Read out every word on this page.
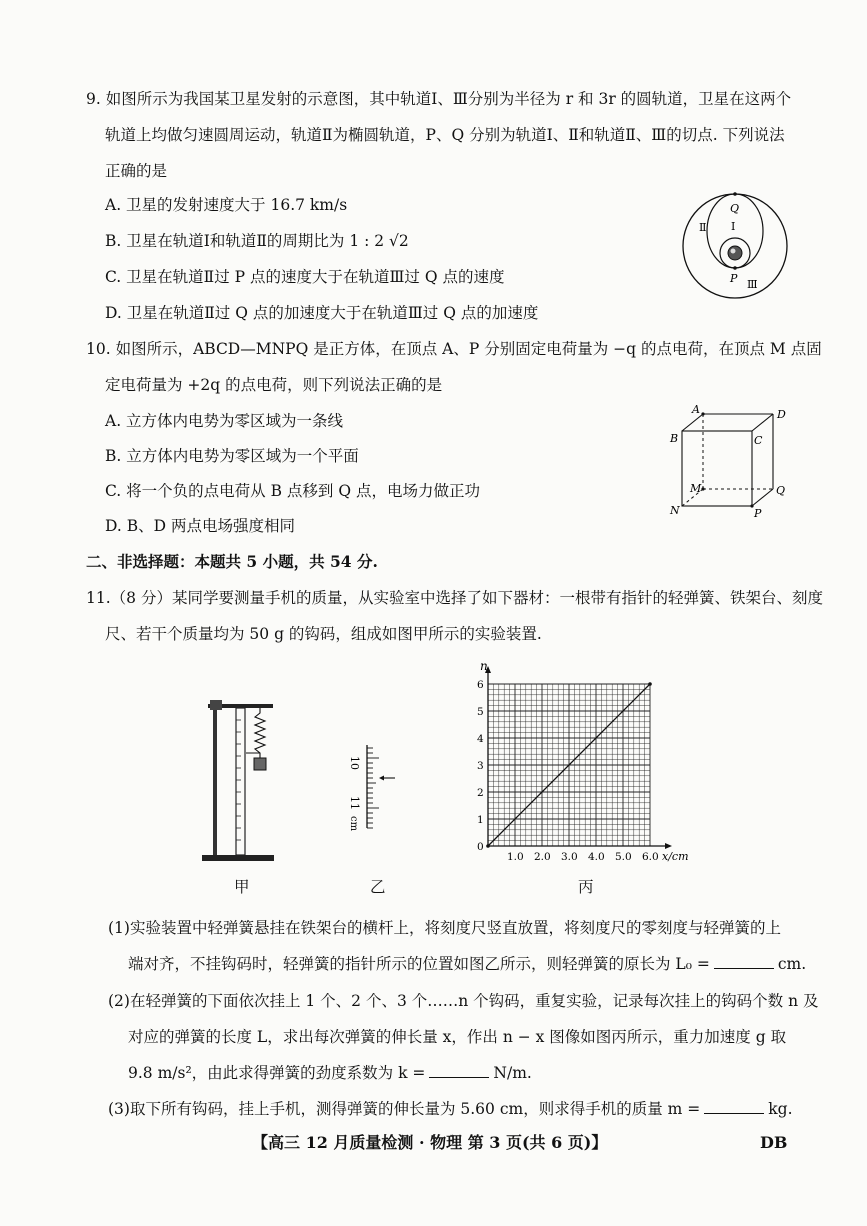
9. 如图所示为我国某卫星发射的示意图，其中轨道Ⅰ、Ⅲ分别为半径为 r 和 3r 的圆轨道，卫星在这两个
轨道上均做匀速圆周运动，轨道Ⅱ为椭圆轨道，P、Q 分别为轨道Ⅰ、Ⅱ和轨道Ⅱ、Ⅲ的切点. 下列说法
正确的是
A. 卫星的发射速度大于 16.7 km/s
B. 卫星在轨道Ⅰ和轨道Ⅱ的周期比为 1 : 2 √2
C. 卫星在轨道Ⅱ过 P 点的速度大于在轨道Ⅲ过 Q 点的速度
D. 卫星在轨道Ⅱ过 Q 点的加速度大于在轨道Ⅲ过 Q 点的加速度
Q
Ⅰ
Ⅱ
P Ⅲ
10. 如图所示，ABCD—MNPQ 是正方体，在顶点 A、P 分别固定电荷量为 −q 的点电荷，在顶点 M 点固
定电荷量为 +2q 的点电荷，则下列说法正确的是
A. 立方体内电势为零区域为一条线
B. 立方体内电势为零区域为一个平面
C. 将一个负的点电荷从 B 点移到 Q 点，电场力做正功
D. B、D 两点电场强度相同
A	D
B	C
M	Q
N	P
二、非选择题：本题共 5 小题，共 54 分.
11.（8 分）某同学要测量手机的质量，从实验室中选择了如下器材：一根带有指针的轻弹簧、铁架台、刻度
尺、若干个质量均为 50 g 的钩码，组成如图甲所示的实验装置.
甲
10
11
cm
乙
1.0 2.0 3.0 4.0 5.0 6.0
0
1
2
3
4
5
6
n
x/cm
丙
(1)实验装置中轻弹簧悬挂在铁架台的横杆上，将刻度尺竖直放置，将刻度尺的零刻度与轻弹簧的上
端对齐，不挂钩码时，轻弹簧的指针所示的位置如图乙所示，则轻弹簧的原长为 L₀ =	cm.
(2)在轻弹簧的下面依次挂上 1 个、2 个、3 个……n 个钩码，重复实验，记录每次挂上的钩码个数 n 及
对应的弹簧的长度 L，求出每次弹簧的伸长量 x，作出 n − x 图像如图丙所示，重力加速度 g 取
9.8 m/s²，由此求得弹簧的劲度系数为 k =	N/m.
(3)取下所有钩码，挂上手机，测得弹簧的伸长量为 5.60 cm，则求得手机的质量 m =	kg.
【高三 12 月质量检测 · 物理 第 3 页(共 6 页)】	DB
